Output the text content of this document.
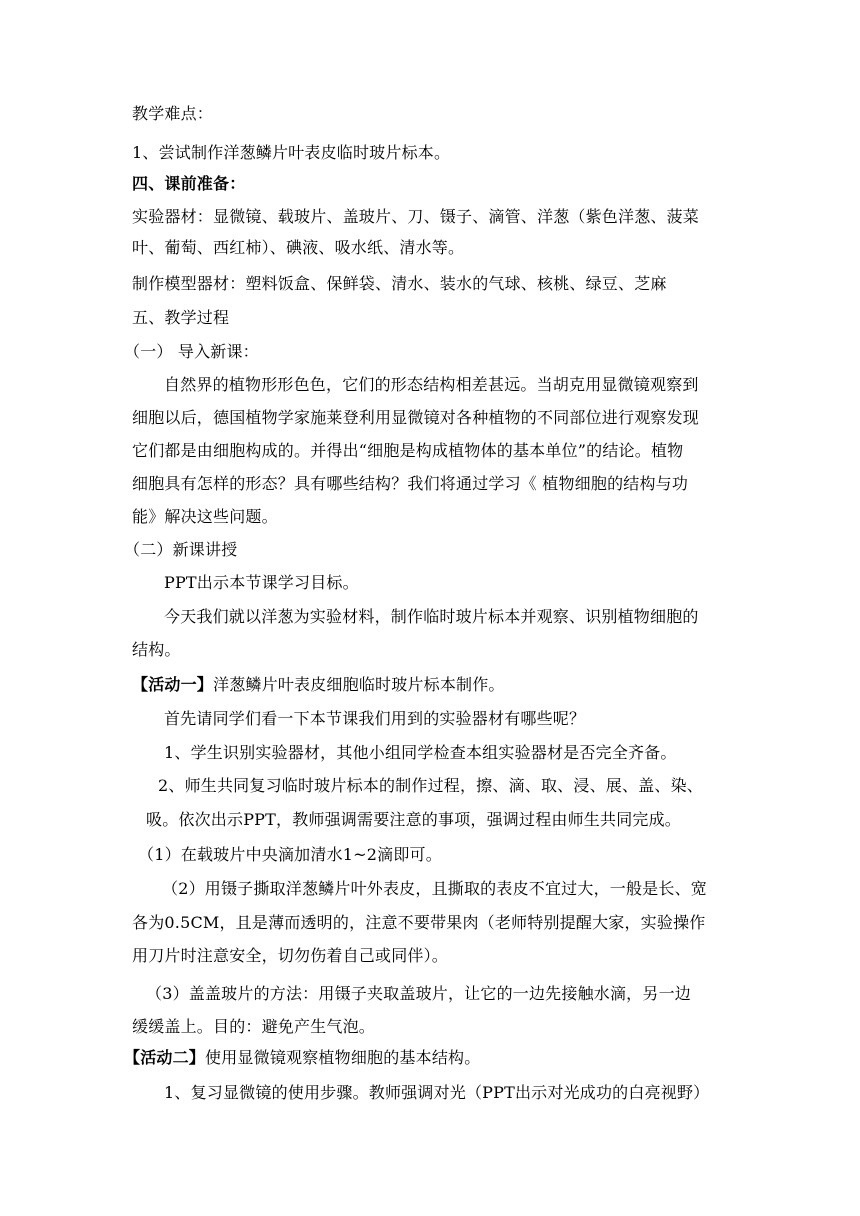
教学难点：
1、尝试制作洋葱鳞片叶表皮临时玻片标本。
四、课前准备：
实验器材：显微镜、载玻片、盖玻片、刀、镊子、滴管、洋葱（紫色洋葱、菠菜
叶、葡萄、西红柿）、碘液、吸水纸、清水等。
制作模型器材：塑料饭盒、保鲜袋、清水、装水的气球、核桃、绿豆、芝麻
五、教学过程
（一） 导入新课：
自然界的植物形形色色，它们的形态结构相差甚远。当胡克用显微镜观察到
细胞以后，德国植物学家施莱登利用显微镜对各种植物的不同部位进行观察发现
它们都是由细胞构成的。并得出“细胞是构成植物体的基本单位”的结论。植物
细胞具有怎样的形态？具有哪些结构？我们将通过学习《 植物细胞的结构与功
能》解决这些问题。
（二）新课讲授
PPT出示本节课学习目标。
今天我们就以洋葱为实验材料，制作临时玻片标本并观察、识别植物细胞的
结构。
【活动一】洋葱鳞片叶表皮细胞临时玻片标本制作。
首先请同学们看一下本节课我们用到的实验器材有哪些呢？
1、学生识别实验器材，其他小组同学检查本组实验器材是否完全齐备。
2、师生共同复习临时玻片标本的制作过程，擦、滴、取、浸、展、盖、染、
吸。依次出示PPT，教师强调需要注意的事项，强调过程由师生共同完成。
（1）在载玻片中央滴加清水1~2滴即可。
（2）用镊子撕取洋葱鳞片叶外表皮，且撕取的表皮不宜过大，一般是长、宽
各为0.5CM，且是薄而透明的，注意不要带果肉（老师特别提醒大家，实验操作
用刀片时注意安全，切勿伤着自己或同伴）。
（3）盖盖玻片的方法：用镊子夹取盖玻片，让它的一边先接触水滴，另一边
缓缓盖上。目的：避免产生气泡。
【活动二】使用显微镜观察植物细胞的基本结构。
1、复习显微镜的使用步骤。教师强调对光（PPT出示对光成功的白亮视野）
